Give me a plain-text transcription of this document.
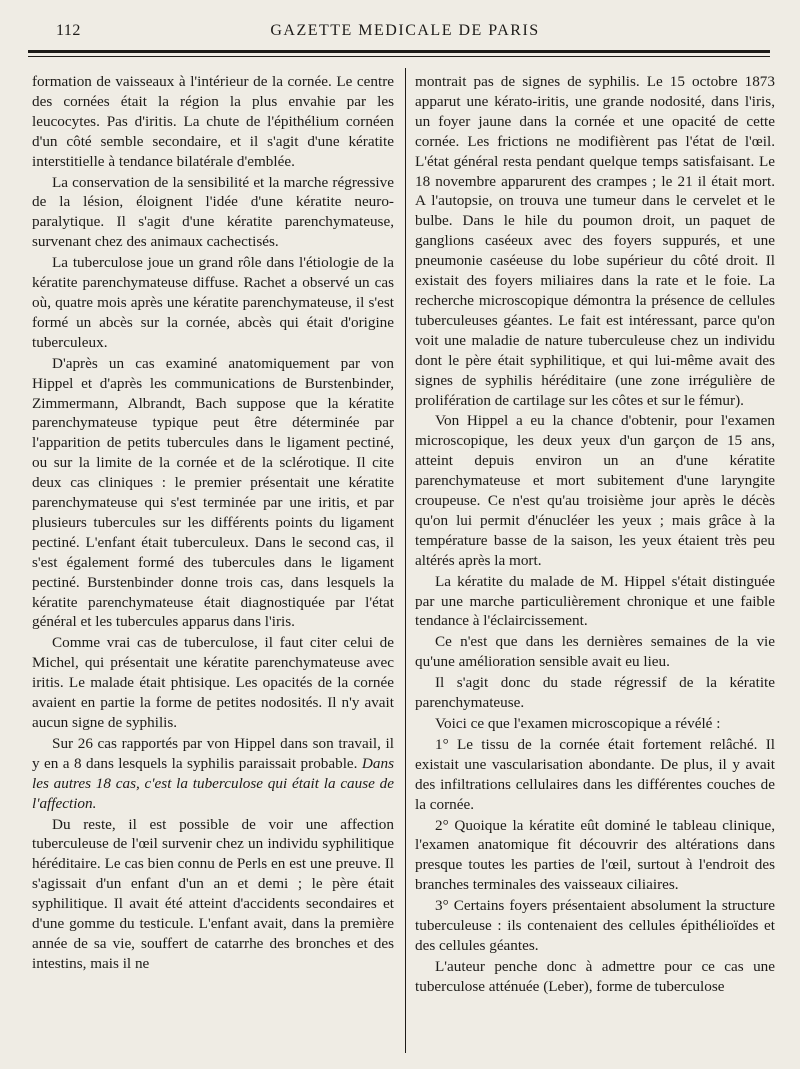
112	GAZETTE MEDICALE DE PARIS

formation de vaisseaux à l'intérieur de la cornée. Le centre des cornées était la région la plus envahie par les leucocytes. Pas d'iritis. La chute de l'épithélium cornéen d'un côté semble secondaire, et il s'agit d'une kératite interstitielle à tendance bilatérale d'emblée.

La conservation de la sensibilité et la marche régressive de la lésion, éloignent l'idée d'une kératite neuro-paralytique. Il s'agit d'une kératite parenchymateuse, survenant chez des animaux cachectisés.

La tuberculose joue un grand rôle dans l'étiologie de la kératite parenchymateuse diffuse. Rachet a observé un cas où, quatre mois après une kératite parenchymateuse, il s'est formé un abcès sur la cornée, abcès qui était d'origine tuberculeux.

D'après un cas examiné anatomiquement par von Hippel et d'après les communications de Burstenbinder, Zimmermann, Albrandt, Bach suppose que la kératite parenchymateuse typique peut être déterminée par l'apparition de petits tubercules dans le ligament pectiné, ou sur la limite de la cornée et de la sclérotique. Il cite deux cas cliniques : le premier présentait une kératite parenchymateuse qui s'est terminée par une iritis, et par plusieurs tubercules sur les différents points du ligament pectiné. L'enfant était tuberculeux. Dans le second cas, il s'est également formé des tubercules dans le ligament pectiné. Burstenbinder donne trois cas, dans lesquels la kératite parenchymateuse était diagnostiquée par l'état général et les tubercules apparus dans l'iris.

Comme vrai cas de tuberculose, il faut citer celui de Michel, qui présentait une kératite parenchymateuse avec iritis. Le malade était phtisique. Les opacités de la cornée avaient en partie la forme de petites nodosités. Il n'y avait aucun signe de syphilis.

Sur 26 cas rapportés par von Hippel dans son travail, il y en a 8 dans lesquels la syphilis paraissait probable. Dans les autres 18 cas, c'est la tuberculose qui était la cause de l'affection.

Du reste, il est possible de voir une affection tuberculeuse de l'œil survenir chez un individu syphilitique héréditaire. Le cas bien connu de Perls en est une preuve. Il s'agissait d'un enfant d'un an et demi ; le père était syphilitique. Il avait été atteint d'accidents secondaires et d'une gomme du testicule. L'enfant avait, dans la première année de sa vie, souffert de catarrhe des bronches et des intestins, mais il ne

montrait pas de signes de syphilis. Le 15 octobre 1873 apparut une kérato-iritis, une grande nodosité, dans l'iris, un foyer jaune dans la cornée et une opacité de cette cornée. Les frictions ne modifièrent pas l'état de l'œil. L'état général resta pendant quelque temps satisfaisant. Le 18 novembre apparurent des crampes ; le 21 il était mort. A l'autopsie, on trouva une tumeur dans le cervelet et le bulbe. Dans le hile du poumon droit, un paquet de ganglions caséeux avec des foyers suppurés, et une pneumonie caséeuse du lobe supérieur du côté droit. Il existait des foyers miliaires dans la rate et le foie. La recherche microscopique démontra la présence de cellules tuberculeuses géantes. Le fait est intéressant, parce qu'on voit une maladie de nature tuberculeuse chez un individu dont le père était syphilitique, et qui lui-même avait des signes de syphilis héréditaire (une zone irrégulière de prolifération de cartilage sur les côtes et sur le fémur).

Von Hippel a eu la chance d'obtenir, pour l'examen microscopique, les deux yeux d'un garçon de 15 ans, atteint depuis environ un an d'une kératite parenchymateuse et mort subitement d'une laryngite croupeuse. Ce n'est qu'au troisième jour après le décès qu'on lui permit d'énucléer les yeux ; mais grâce à la température basse de la saison, les yeux étaient très peu altérés après la mort.

La kératite du malade de M. Hippel s'était distinguée par une marche particulièrement chronique et une faible tendance à l'éclaircissement.

Ce n'est que dans les dernières semaines de la vie qu'une amélioration sensible avait eu lieu.

Il s'agit donc du stade régressif de la kératite parenchymateuse.

Voici ce que l'examen microscopique a révélé :

1° Le tissu de la cornée était fortement relâché. Il existait une vascularisation abondante. De plus, il y avait des infiltrations cellulaires dans les différentes couches de la cornée.

2° Quoique la kératite eût dominé le tableau clinique, l'examen anatomique fit découvrir des altérations dans presque toutes les parties de l'œil, surtout à l'endroit des branches terminales des vaisseaux ciliaires.

3° Certains foyers présentaient absolument la structure tuberculeuse : ils contenaient des cellules épithélioïdes et des cellules géantes.

L'auteur penche donc à admettre pour ce cas une tuberculose atténuée (Leber), forme de tuberculose
